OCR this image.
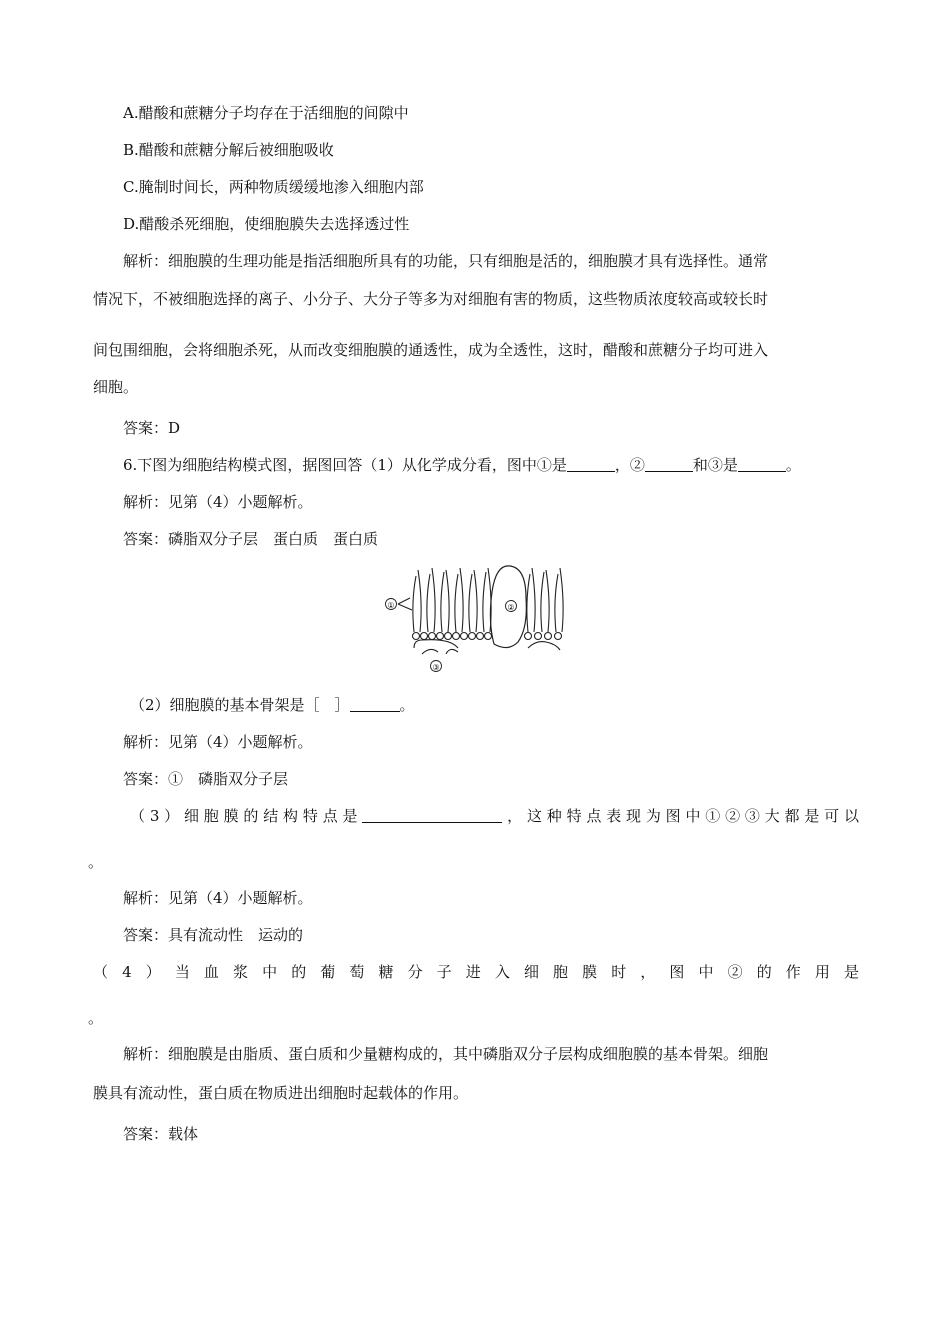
A.醋酸和蔗糖分子均存在于活细胞的间隙中
B.醋酸和蔗糖分解后被细胞吸收
C.腌制时间长，两种物质缓缓地渗入细胞内部
D.醋酸杀死细胞，使细胞膜失去选择透过性
解析：细胞膜的生理功能是指活细胞所具有的功能，只有细胞是活的，细胞膜才具有选择性。通常
情况下，不被细胞选择的离子、小分子、大分子等多为对细胞有害的物质，这些物质浓度较高或较长时
间包围细胞，会将细胞杀死，从而改变细胞膜的通透性，成为全透性，这时，醋酸和蔗糖分子均可进入
细胞。
答案：D
6.下图为细胞结构模式图，据图回答（1）从化学成分看，图中①是	，②	和③是	。
解析：见第（4）小题解析。
答案：磷脂双分子层　蛋白质　蛋白质
①	②
③
（2）细胞膜的基本骨架是［　］	。
解析：见第（4）小题解析。
答案：①　磷脂双分子层
（3）细胞膜的结构特点是	，这种特点表现为图中①②③大都是可以
。
解析：见第（4）小题解析。
答案：具有流动性　运动的
（4）当血浆中的葡萄糖分子进入细胞膜时，图中②的作用是
。
解析：细胞膜是由脂质、蛋白质和少量糖构成的，其中磷脂双分子层构成细胞膜的基本骨架。细胞
膜具有流动性，蛋白质在物质进出细胞时起载体的作用。
答案：载体
